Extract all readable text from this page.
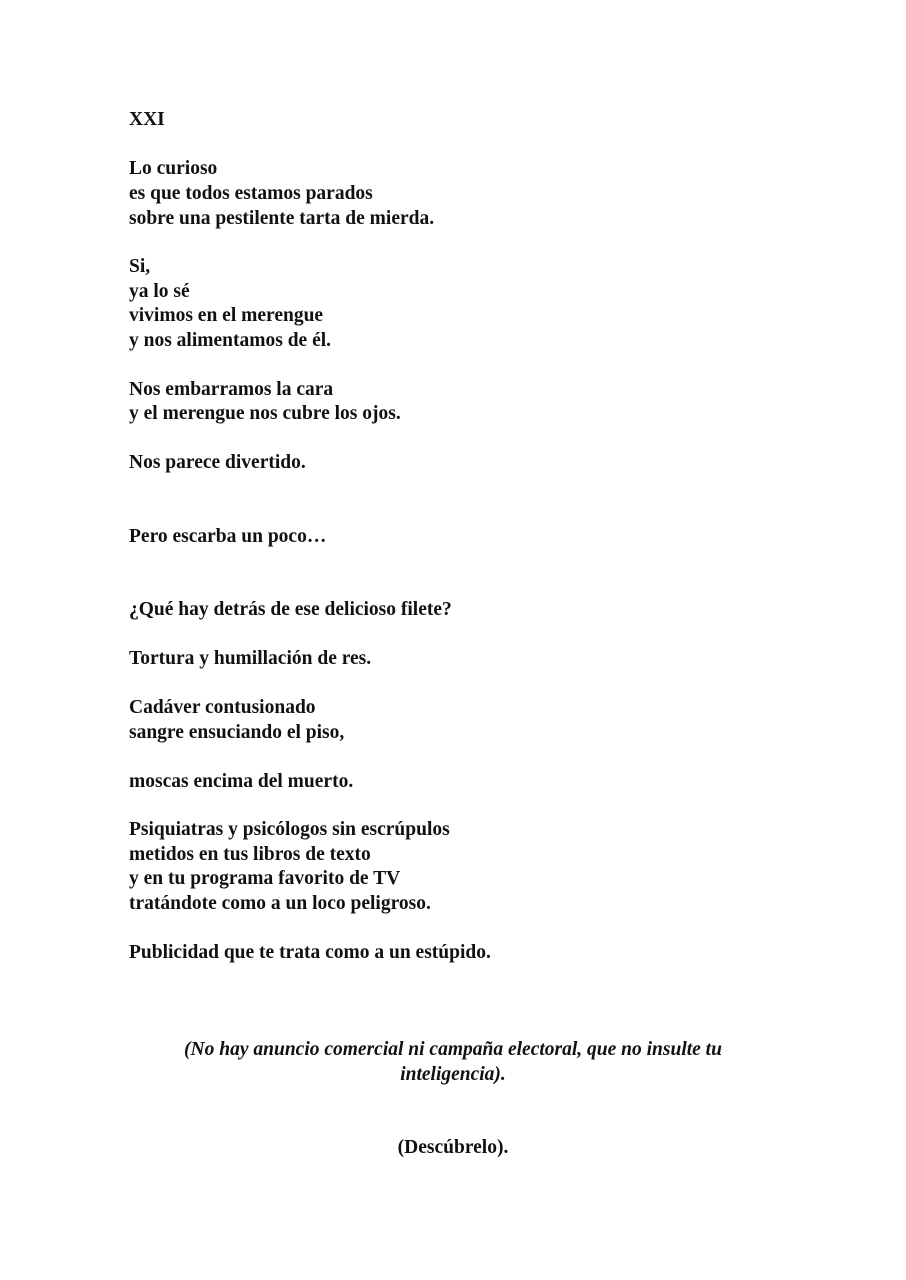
XXI
Lo curioso
es que todos estamos parados
sobre una pestilente tarta de mierda.
Si,
ya lo sé
vivimos en el merengue
y nos alimentamos de él.
Nos embarramos la cara
y el merengue nos cubre los ojos.
Nos parece divertido.
Pero escarba un poco…
¿Qué hay detrás de ese delicioso filete?
Tortura y humillación de res.
Cadáver contusionado
sangre ensuciando el piso,
moscas encima del muerto.
Psiquiatras y psicólogos sin escrúpulos
metidos en tus libros de texto
y en tu programa favorito de TV
tratándote como a un loco peligroso.
Publicidad que te trata como a un estúpido.
(No hay anuncio comercial ni campaña electoral, que no insulte tu
inteligencia).
(Descúbrelo).
